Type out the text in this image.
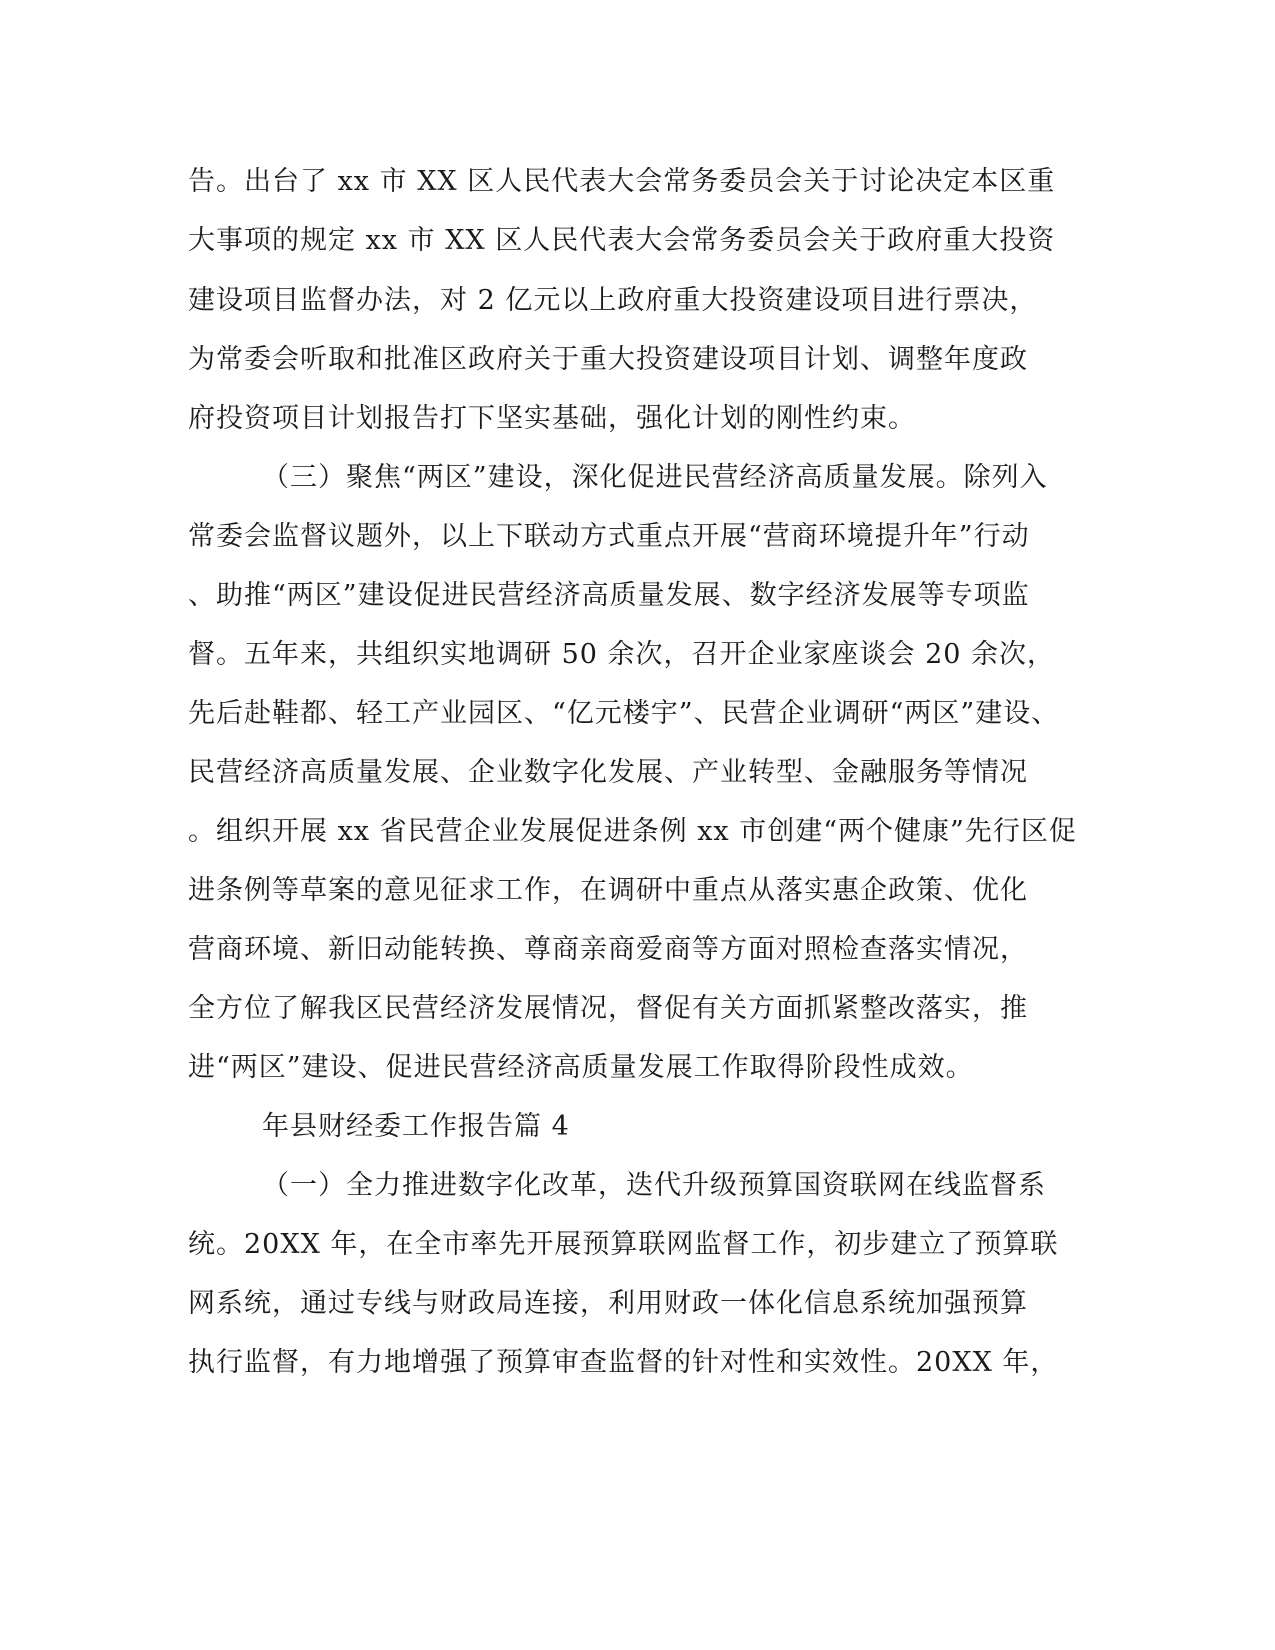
告。出台了 xx 市 XX 区人民代表大会常务委员会关于讨论决定本区重
大事项的规定 xx 市 XX 区人民代表大会常务委员会关于政府重大投资
建设项目监督办法，对 2 亿元以上政府重大投资建设项目进行票决，
为常委会听取和批准区政府关于重大投资建设项目计划、调整年度政
府投资项目计划报告打下坚实基础，强化计划的刚性约束。
（三）聚焦“两区”建设，深化促进民营经济高质量发展。除列入
常委会监督议题外，以上下联动方式重点开展“营商环境提升年”行动
、助推“两区”建设促进民营经济高质量发展、数字经济发展等专项监
督。五年来，共组织实地调研 50 余次，召开企业家座谈会 20 余次，
先后赴鞋都、轻工产业园区、“亿元楼宇”、民营企业调研“两区”建设、
民营经济高质量发展、企业数字化发展、产业转型、金融服务等情况
。组织开展 xx 省民营企业发展促进条例 xx 市创建“两个健康”先行区促
进条例等草案的意见征求工作，在调研中重点从落实惠企政策、优化
营商环境、新旧动能转换、尊商亲商爱商等方面对照检查落实情况，
全方位了解我区民营经济发展情况，督促有关方面抓紧整改落实，推
进“两区”建设、促进民营经济高质量发展工作取得阶段性成效。
年县财经委工作报告篇 4
（一）全力推进数字化改革，迭代升级预算国资联网在线监督系
统。20XX 年，在全市率先开展预算联网监督工作，初步建立了预算联
网系统，通过专线与财政局连接，利用财政一体化信息系统加强预算
执行监督，有力地增强了预算审查监督的针对性和实效性。20XX 年，
